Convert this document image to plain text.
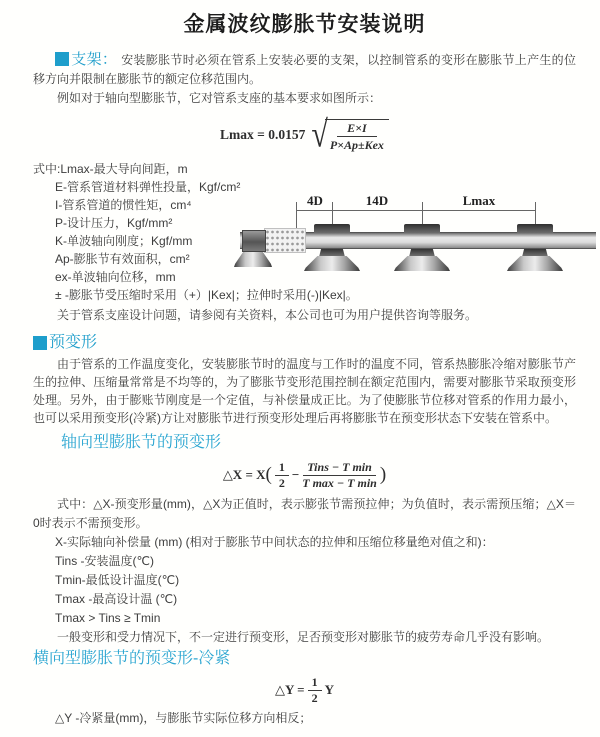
金属波纹膨胀节安装说明

支架： 安装膨胀节时必须在管系上安装必要的支架，以控制管系的变形在膨胀节上产生的位移方向并限制在膨胀节的额定位移范围内。

例如对于轴向型膨胀节，它对管系支座的基本要求如图所示：

Lmax = 0.0157 √
$\frac{E\times I}{\text{P×Ap±Kex}}$
式中:Lmax-最大导向间距，m
E-管系管道材料弹性投量，Kgf/cm²
I-管系管道的惯性矩，cm⁴
P-设计压力，Kgf/mm²
K-单波轴向刚度；Kgf/mm
Ap-膨胀节有效面积，cm²
ex-单波轴向位移，mm
± -膨胀节受压缩时采用（+）|Kex|；拉伸时采用(-)|Kex|。

关于管系支座设计问题，请参阅有关资料，本公司也可为用户提供咨询等服务。

4D	14D	Lmax
预变形

由于管系的工作温度变化，安装膨胀节时的温度与工作时的温度不同，管系热膨胀冷缩对膨胀节产生的拉伸、压缩量常常是不均等的，为了膨胀节变形范围控制在额定范围内，需要对膨胀节采取预变形处理。另外，由于膨账节刚度是一个定值，与补偿量成正比。为了使膨胀节位移对管系的作用力最小，也可以采用预变形(冷紧)方让对膨胀节进行预变形处理后再将膨胀节在预变形状态下安装在管系中。

轴向型膨胀节的预变形
△X = X ( $\frac{1}{2} - \frac{\text{Tins − T min}}{\text{T max − T min}}$ )

式中：△X-预变形量(mm)，△X为正值时，表示膨张节需预拉伸；为负值时，表示需预压缩；△X＝0时表示不需预变形。

X-实际轴向补偿量 (mm) (相对于膨胀节中间状态的拉伸和压缩位移量绝对值之和)：
Tins -安装温度(℃)
Tmin-最低设计温度(℃)
Tmax -最高设计温 (℃)
Tmax > Tins ≥ Tmin

一般变形和受力情况下，不一定进行预变形，足否预变形对膨胀节的疲劳寿命几乎没有影响。

横向型膨胀节的预变形-冷紧
△Y = $\frac{1}{2}$ Y

△Y -冷紧量(mm)，与膨胀节实际位移方向相反；
